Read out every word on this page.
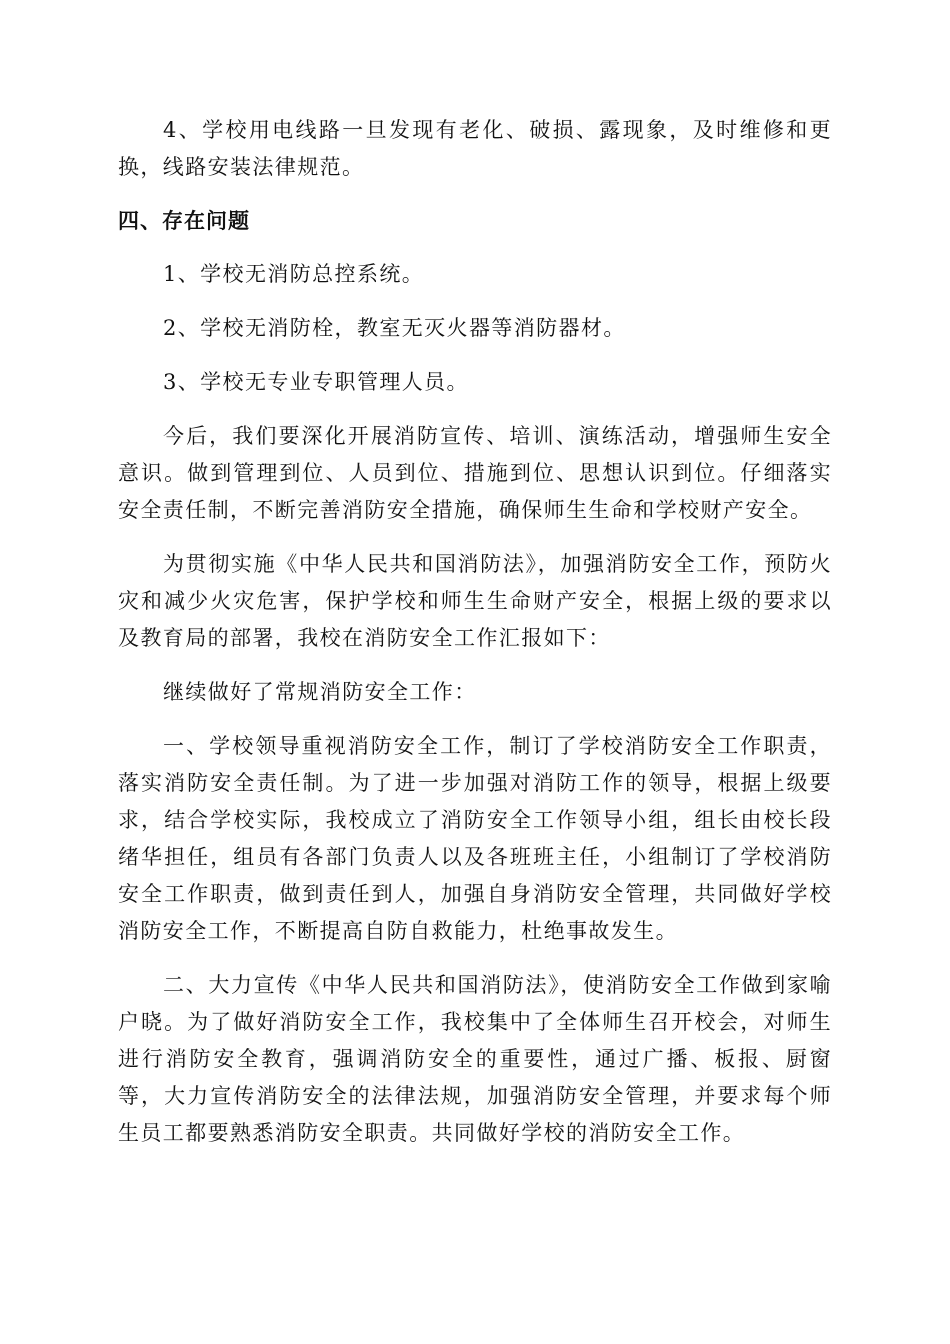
4、学校用电线路一旦发现有老化、破损、露现象，及时维修和更换，线路安装法律规范。

四、存在问题

1、学校无消防总控系统。

2、学校无消防栓，教室无灭火器等消防器材。

3、学校无专业专职管理人员。

今后，我们要深化开展消防宣传、培训、演练活动，增强师生安全意识。做到管理到位、人员到位、措施到位、思想认识到位。仔细落实安全责任制，不断完善消防安全措施，确保师生生命和学校财产安全。

为贯彻实施《中华人民共和国消防法》，加强消防安全工作，预防火灾和减少火灾危害，保护学校和师生生命财产安全，根据上级的要求以及教育局的部署，我校在消防安全工作汇报如下：

继续做好了常规消防安全工作：

一、学校领导重视消防安全工作，制订了学校消防安全工作职责，落实消防安全责任制。为了进一步加强对消防工作的领导，根据上级要求，结合学校实际，我校成立了消防安全工作领导小组，组长由校长段绪华担任，组员有各部门负责人以及各班班主任，小组制订了学校消防安全工作职责，做到责任到人，加强自身消防安全管理，共同做好学校消防安全工作，不断提高自防自救能力，杜绝事故发生。

二、大力宣传《中华人民共和国消防法》，使消防安全工作做到家喻户晓。为了做好消防安全工作，我校集中了全体师生召开校会，对师生进行消防安全教育，强调消防安全的重要性，通过广播、板报、厨窗等，大力宣传消防安全的法律法规，加强消防安全管理，并要求每个师生员工都要熟悉消防安全职责。共同做好学校的消防安全工作。
